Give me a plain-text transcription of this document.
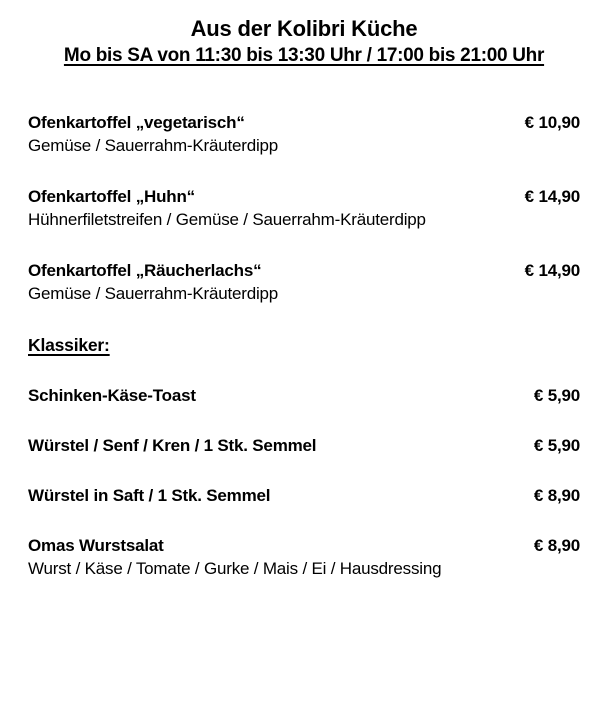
Aus der Kolibri Küche
Mo bis SA von 11:30 bis 13:30 Uhr / 17:00 bis 21:00 Uhr
Ofenkartoffel „vegetarisch“	€ 10,90
Gemüse / Sauerrahm-Kräuterdipp
Ofenkartoffel „Huhn“	€ 14,90
Hühnerfiletstreifen / Gemüse / Sauerrahm-Kräuterdipp
Ofenkartoffel „Räucherlachs“	€ 14,90
Gemüse / Sauerrahm-Kräuterdipp
Klassiker:
Schinken-Käse-Toast	€ 5,90
Würstel / Senf / Kren / 1 Stk. Semmel	€ 5,90
Würstel in Saft / 1 Stk. Semmel	€ 8,90
Omas Wurstsalat	€ 8,90
Wurst / Käse / Tomate / Gurke / Mais / Ei / Hausdressing
